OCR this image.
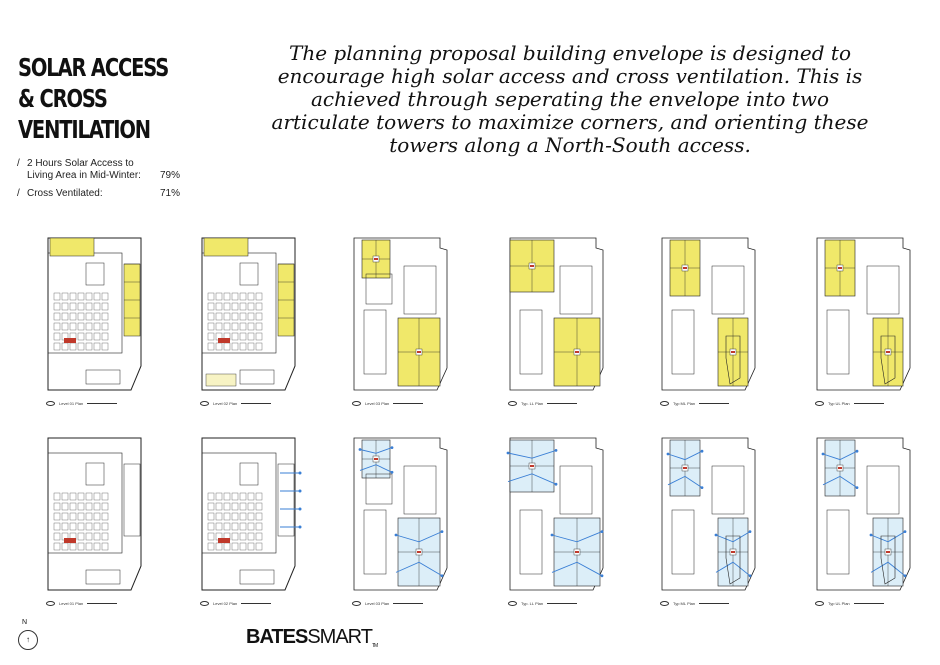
SOLAR ACCESS
& CROSS
VENTILATION
The planning proposal building envelope is designed to encourage high solar access and cross ventilation. This is achieved through seperating the envelope into two articulate towers to maximize corners, and orienting these towers along a North-South access.
/ 2 Hours Solar Access to Living Area in Mid-Winter:	79%
/ Cross Ventilated:	71%
Level 01 Plan	Level 02 Plan	Level 03 Plan	Typ. LL Plan	Typ ML Plan	Typ UL Plan
Level 01 Plan	Level 02 Plan	Level 03 Plan	Typ. LL Plan	Typ ML Plan	Typ UL Plan
N
↑	BATESSMARTTM
